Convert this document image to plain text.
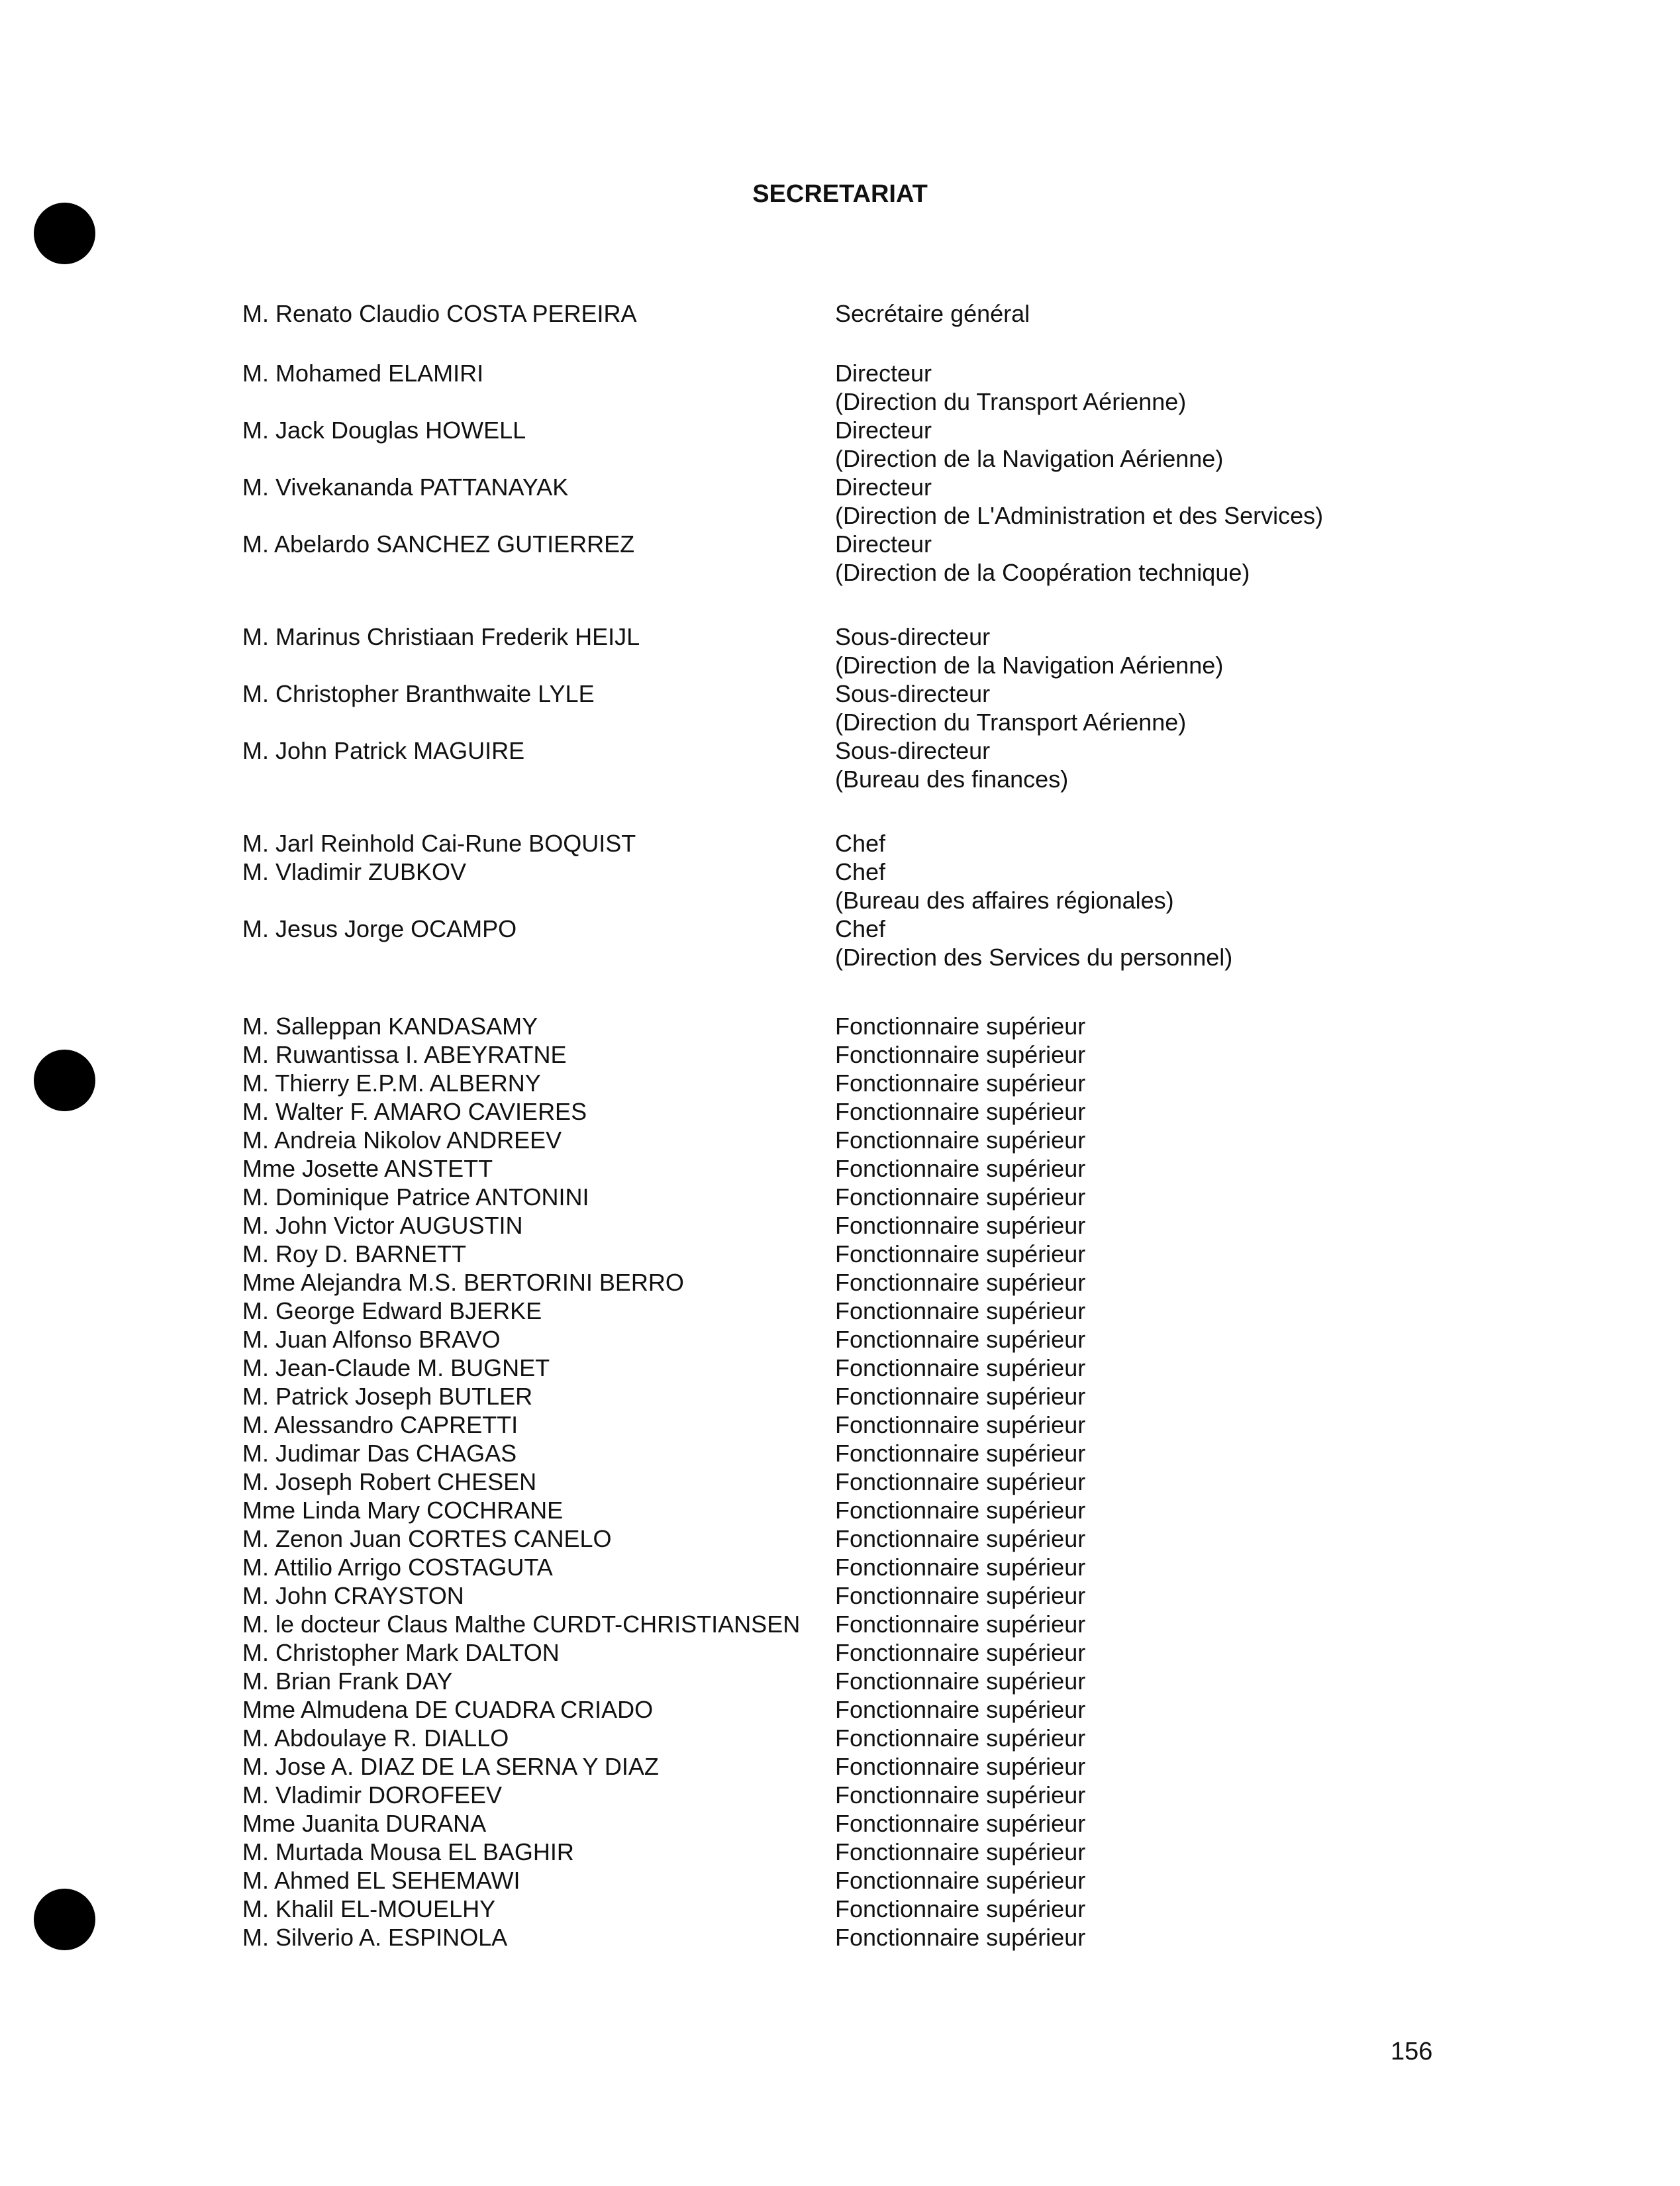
SECRETARIAT
M. Renato Claudio COSTA PEREIRA	Secrétaire général
M. Mohamed ELAMIRI	Directeur
(Direction du Transport Aérienne)
M. Jack Douglas HOWELL	Directeur
(Direction de la Navigation Aérienne)
M. Vivekananda PATTANAYAK	Directeur
(Direction de L'Administration et des Services)
M. Abelardo SANCHEZ GUTIERREZ	Directeur
(Direction de la Coopération technique)
M. Marinus Christiaan Frederik HEIJL	Sous-directeur
(Direction de la Navigation Aérienne)
M. Christopher Branthwaite LYLE	Sous-directeur
(Direction du Transport Aérienne)
M. John Patrick MAGUIRE	Sous-directeur
(Bureau des finances)
M. Jarl Reinhold Cai-Rune BOQUIST	Chef
M. Vladimir ZUBKOV	Chef
(Bureau des affaires régionales)
M. Jesus Jorge OCAMPO	Chef
(Direction des Services du personnel)
M. Salleppan KANDASAMY	Fonctionnaire supérieur
M. Ruwantissa I. ABEYRATNE	Fonctionnaire supérieur
M. Thierry E.P.M. ALBERNY	Fonctionnaire supérieur
M. Walter F. AMARO CAVIERES	Fonctionnaire supérieur
M. Andreia Nikolov ANDREEV	Fonctionnaire supérieur
Mme Josette ANSTETT	Fonctionnaire supérieur
M. Dominique Patrice ANTONINI	Fonctionnaire supérieur
M. John Victor AUGUSTIN	Fonctionnaire supérieur
M. Roy D. BARNETT	Fonctionnaire supérieur
Mme Alejandra M.S. BERTORINI BERRO	Fonctionnaire supérieur
M. George Edward BJERKE	Fonctionnaire supérieur
M. Juan Alfonso BRAVO	Fonctionnaire supérieur
M. Jean-Claude M. BUGNET	Fonctionnaire supérieur
M. Patrick Joseph BUTLER	Fonctionnaire supérieur
M. Alessandro CAPRETTI	Fonctionnaire supérieur
M. Judimar Das CHAGAS	Fonctionnaire supérieur
M. Joseph Robert CHESEN	Fonctionnaire supérieur
Mme Linda Mary COCHRANE	Fonctionnaire supérieur
M. Zenon Juan CORTES CANELO	Fonctionnaire supérieur
M. Attilio Arrigo COSTAGUTA	Fonctionnaire supérieur
M. John CRAYSTON	Fonctionnaire supérieur
M. le docteur Claus Malthe CURDT-CHRISTIANSEN	Fonctionnaire supérieur
M. Christopher Mark DALTON	Fonctionnaire supérieur
M. Brian Frank DAY	Fonctionnaire supérieur
Mme Almudena DE CUADRA CRIADO	Fonctionnaire supérieur
M. Abdoulaye R. DIALLO	Fonctionnaire supérieur
M. Jose A. DIAZ DE LA SERNA Y DIAZ	Fonctionnaire supérieur
M. Vladimir DOROFEEV	Fonctionnaire supérieur
Mme Juanita DURANA	Fonctionnaire supérieur
M. Murtada Mousa EL BAGHIR	Fonctionnaire supérieur
M. Ahmed EL SEHEMAWI	Fonctionnaire supérieur
M. Khalil EL-MOUELHY	Fonctionnaire supérieur
M. Silverio A. ESPINOLA	Fonctionnaire supérieur
156
